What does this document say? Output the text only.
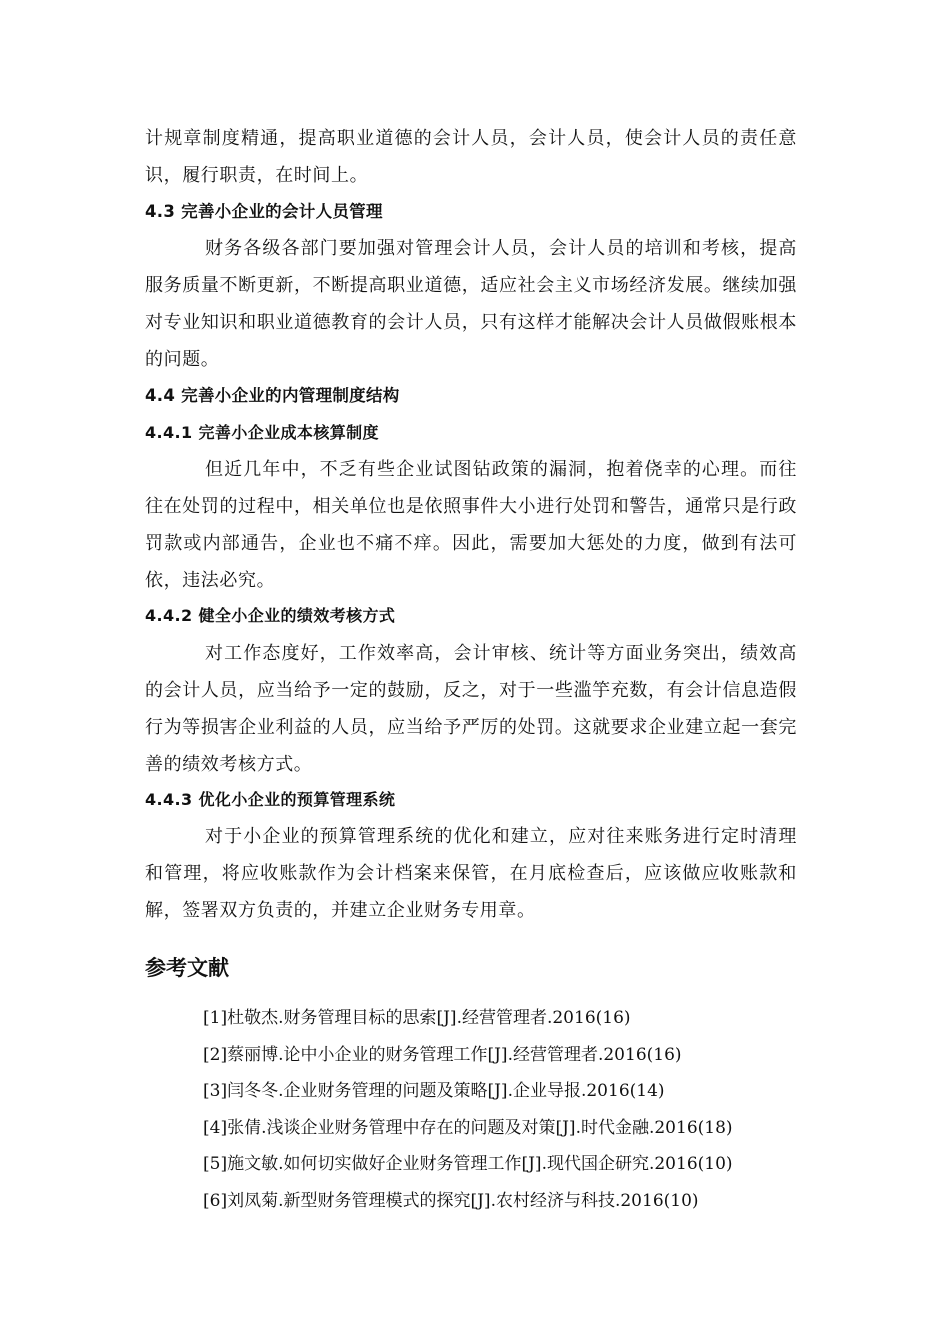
计规章制度精通，提高职业道德的会计人员，会计人员，使会计人员的责任意识，履行职责，在时间上。

4.3 完善小企业的会计人员管理

财务各级各部门要加强对管理会计人员，会计人员的培训和考核，提高服务质量不断更新，不断提高职业道德，适应社会主义市场经济发展。继续加强对专业知识和职业道德教育的会计人员，只有这样才能解决会计人员做假账根本的问题。

4.4 完善小企业的内管理制度结构
4.4.1 完善小企业成本核算制度

但近几年中，不乏有些企业试图钻政策的漏洞，抱着侥幸的心理。而往往在处罚的过程中，相关单位也是依照事件大小进行处罚和警告，通常只是行政罚款或内部通告，企业也不痛不痒。因此，需要加大惩处的力度，做到有法可依，违法必究。

4.4.2 健全小企业的绩效考核方式

对工作态度好，工作效率高，会计审核、统计等方面业务突出，绩效高的会计人员，应当给予一定的鼓励，反之，对于一些滥竽充数，有会计信息造假行为等损害企业利益的人员，应当给予严厉的处罚。这就要求企业建立起一套完善的绩效考核方式。

4.4.3 优化小企业的预算管理系统

对于小企业的预算管理系统的优化和建立，应对往来账务进行定时清理和管理，将应收账款作为会计档案来保管，在月底检查后，应该做应收账款和解，签署双方负责的，并建立企业财务专用章。

参考文献
[1]杜敬杰.财务管理目标的思索[J].经营管理者.2016(16)
[2]蔡丽博.论中小企业的财务管理工作[J].经营管理者.2016(16)
[3]闫冬冬.企业财务管理的问题及策略[J].企业导报.2016(14)
[4]张倩.浅谈企业财务管理中存在的问题及对策[J].时代金融.2016(18)
[5]施文敏.如何切实做好企业财务管理工作[J].现代国企研究.2016(10)
[6]刘凤菊.新型财务管理模式的探究[J].农村经济与科技.2016(10)
